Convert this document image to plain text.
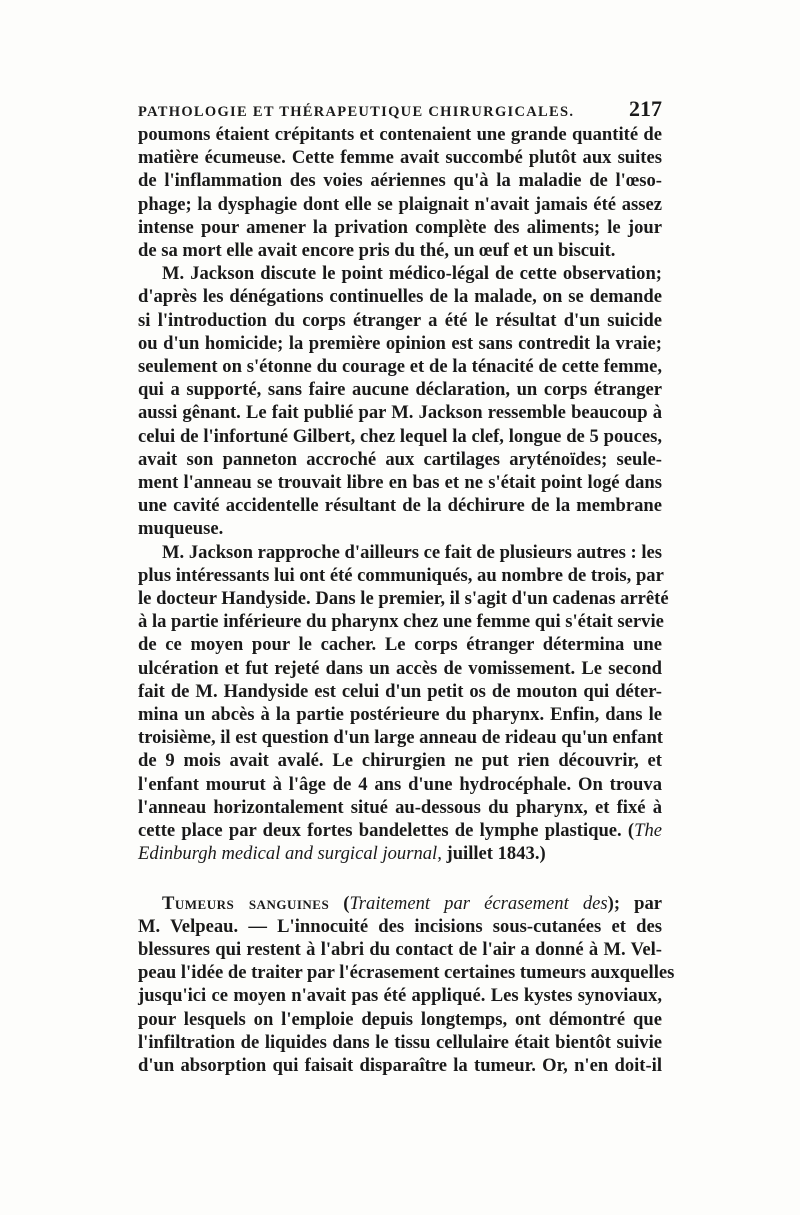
PATHOLOGIE ET THÉRAPEUTIQUE CHIRURGICALES. 217
poumons étaient crépitants et contenaient une grande quantité de
matière écumeuse. Cette femme avait succombé plutôt aux suites
de l'inflammation des voies aériennes qu'à la maladie de l'œso-
phage; la dysphagie dont elle se plaignait n'avait jamais été assez
intense pour amener la privation complète des aliments; le jour
de sa mort elle avait encore pris du thé, un œuf et un biscuit.
M. Jackson discute le point médico-légal de cette observation;
d'après les dénégations continuelles de la malade, on se demande
si l'introduction du corps étranger a été le résultat d'un suicide
ou d'un homicide; la première opinion est sans contredit la vraie;
seulement on s'étonne du courage et de la ténacité de cette femme,
qui a supporté, sans faire aucune déclaration, un corps étranger
aussi gênant. Le fait publié par M. Jackson ressemble beaucoup à
celui de l'infortuné Gilbert, chez lequel la clef, longue de 5 pouces,
avait son panneton accroché aux cartilages aryténoïdes; seule-
ment l'anneau se trouvait libre en bas et ne s'était point logé dans
une cavité accidentelle résultant de la déchirure de la membrane
muqueuse.
M. Jackson rapproche d'ailleurs ce fait de plusieurs autres : les
plus intéressants lui ont été communiqués, au nombre de trois, par
le docteur Handyside. Dans le premier, il s'agit d'un cadenas arrêté
à la partie inférieure du pharynx chez une femme qui s'était servie
de ce moyen pour le cacher. Le corps étranger détermina une
ulcération et fut rejeté dans un accès de vomissement. Le second
fait de M. Handyside est celui d'un petit os de mouton qui déter-
mina un abcès à la partie postérieure du pharynx. Enfin, dans le
troisième, il est question d'un large anneau de rideau qu'un enfant
de 9 mois avait avalé. Le chirurgien ne put rien découvrir, et
l'enfant mourut à l'âge de 4 ans d'une hydrocéphale. On trouva
l'anneau horizontalement situé au-dessous du pharynx, et fixé à
cette place par deux fortes bandelettes de lymphe plastique. (The
Edinburgh medical and surgical journal, juillet 1843.)
Tumeurs sanguines (Traitement par écrasement des); par
M. Velpeau. — L'innocuité des incisions sous-cutanées et des
blessures qui restent à l'abri du contact de l'air a donné à M. Vel-
peau l'idée de traiter par l'écrasement certaines tumeurs auxquelles
jusqu'ici ce moyen n'avait pas été appliqué. Les kystes synoviaux,
pour lesquels on l'emploie depuis longtemps, ont démontré que
l'infiltration de liquides dans le tissu cellulaire était bientôt suivie
d'un absorption qui faisait disparaître la tumeur. Or, n'en doit-il
